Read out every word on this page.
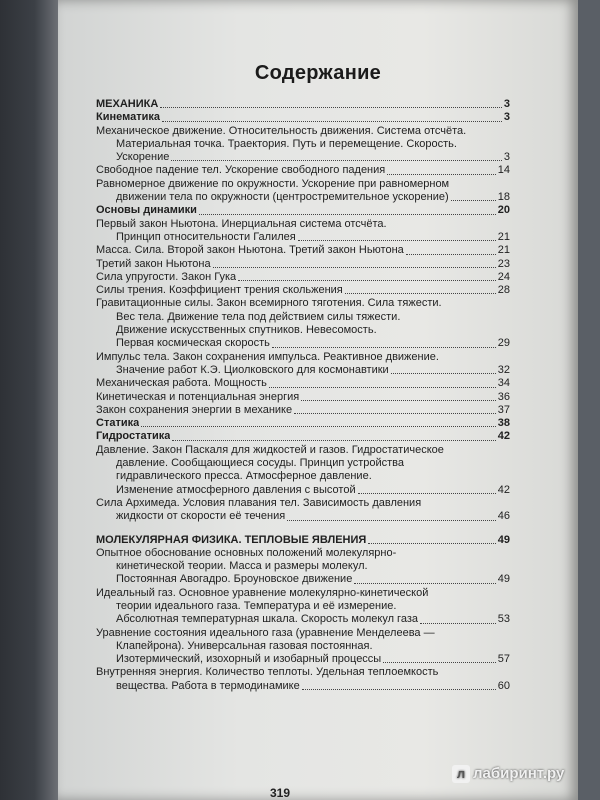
Содержание
МЕХАНИКА	3
Кинематика	3
Механическое движение. Относительность движения. Система отсчёта.
Материальная точка. Траектория. Путь и перемещение. Скорость.
Ускорение	3
Свободное падение тел. Ускорение свободного падения	14
Равномерное движение по окружности. Ускорение при равномерном
движении тела по окружности (центростремительное ускорение)	18
Основы динамики	20
Первый закон Ньютона. Инерциальная система отсчёта.
Принцип относительности Галилея	21
Масса. Сила. Второй закон Ньютона. Третий закон Ньютона	21
Третий закон Ньютона	23
Сила упругости. Закон Гука	24
Силы трения. Коэффициент трения скольжения	28
Гравитационные силы. Закон всемирного тяготения. Сила тяжести.
Вес тела. Движение тела под действием силы тяжести.
Движение искусственных спутников. Невесомость.
Первая космическая скорость	29
Импульс тела. Закон сохранения импульса. Реактивное движение.
Значение работ К.Э. Циолковского для космонавтики	32
Механическая работа. Мощность	34
Кинетическая и потенциальная энергия	36
Закон сохранения энергии в механике	37
Статика	38
Гидростатика	42
Давление. Закон Паскаля для жидкостей и газов. Гидростатическое
давление. Сообщающиеся сосуды. Принцип устройства
гидравлического пресса. Атмосферное давление.
Изменение атмосферного давления с высотой	42
Сила Архимеда. Условия плавания тел. Зависимость давления
жидкости от скорости её течения	46
МОЛЕКУЛЯРНАЯ ФИЗИКА. ТЕПЛОВЫЕ ЯВЛЕНИЯ	49
Опытное обоснование основных положений молекулярно-
кинетической теории. Масса и размеры молекул.
Постоянная Авогадро. Броуновское движение	49
Идеальный газ. Основное уравнение молекулярно-кинетической
теории идеального газа. Температура и её измерение.
Абсолютная температурная шкала. Скорость молекул газа	53
Уравнение состояния идеального газа (уравнение Менделеева —
Клапейрона). Универсальная газовая постоянная.
Изотермический, изохорный и изобарный процессы	57
Внутренняя энергия. Количество теплоты. Удельная теплоемкость
вещества. Работа в термодинамике	60
319
л лабиринт.ру
